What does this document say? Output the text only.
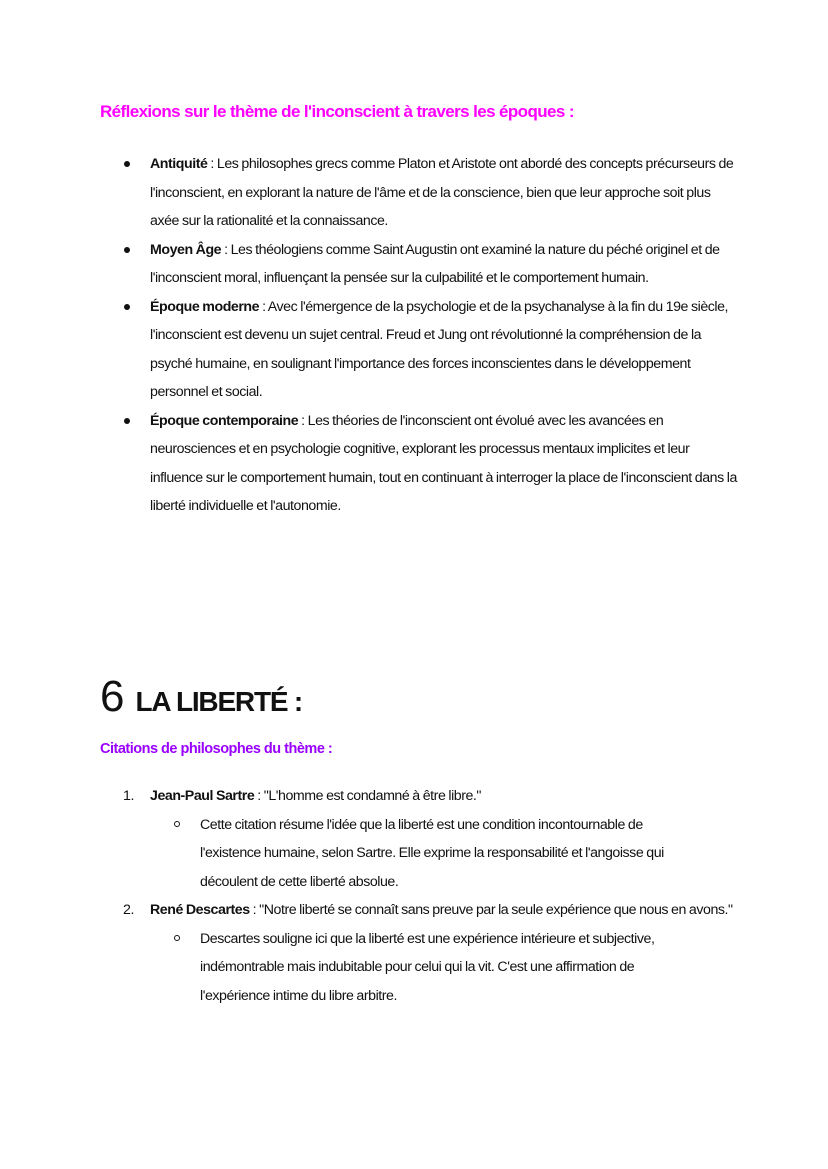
Réflexions sur le thème de l'inconscient à travers les époques :
Antiquité : Les philosophes grecs comme Platon et Aristote ont abordé des concepts précurseurs de l'inconscient, en explorant la nature de l'âme et de la conscience, bien que leur approche soit plus axée sur la rationalité et la connaissance.
Moyen Âge : Les théologiens comme Saint Augustin ont examiné la nature du péché originel et de l'inconscient moral, influençant la pensée sur la culpabilité et le comportement humain.
Époque moderne : Avec l'émergence de la psychologie et de la psychanalyse à la fin du 19e siècle, l'inconscient est devenu un sujet central. Freud et Jung ont révolutionné la compréhension de la psyché humaine, en soulignant l'importance des forces inconscientes dans le développement personnel et social.
Époque contemporaine : Les théories de l'inconscient ont évolué avec les avancées en neurosciences et en psychologie cognitive, explorant les processus mentaux implicites et leur influence sur le comportement humain, tout en continuant à interroger la place de l'inconscient dans la liberté individuelle et l'autonomie.
6 LA LIBERTÉ :
Citations de philosophes du thème :
1. Jean-Paul Sartre : "L'homme est condamné à être libre."
Cette citation résume l'idée que la liberté est une condition incontournable de l'existence humaine, selon Sartre. Elle exprime la responsabilité et l'angoisse qui découlent de cette liberté absolue.
2. René Descartes : "Notre liberté se connaît sans preuve par la seule expérience que nous en avons."
Descartes souligne ici que la liberté est une expérience intérieure et subjective, indémontrable mais indubitable pour celui qui la vit. C'est une affirmation de l'expérience intime du libre arbitre.
